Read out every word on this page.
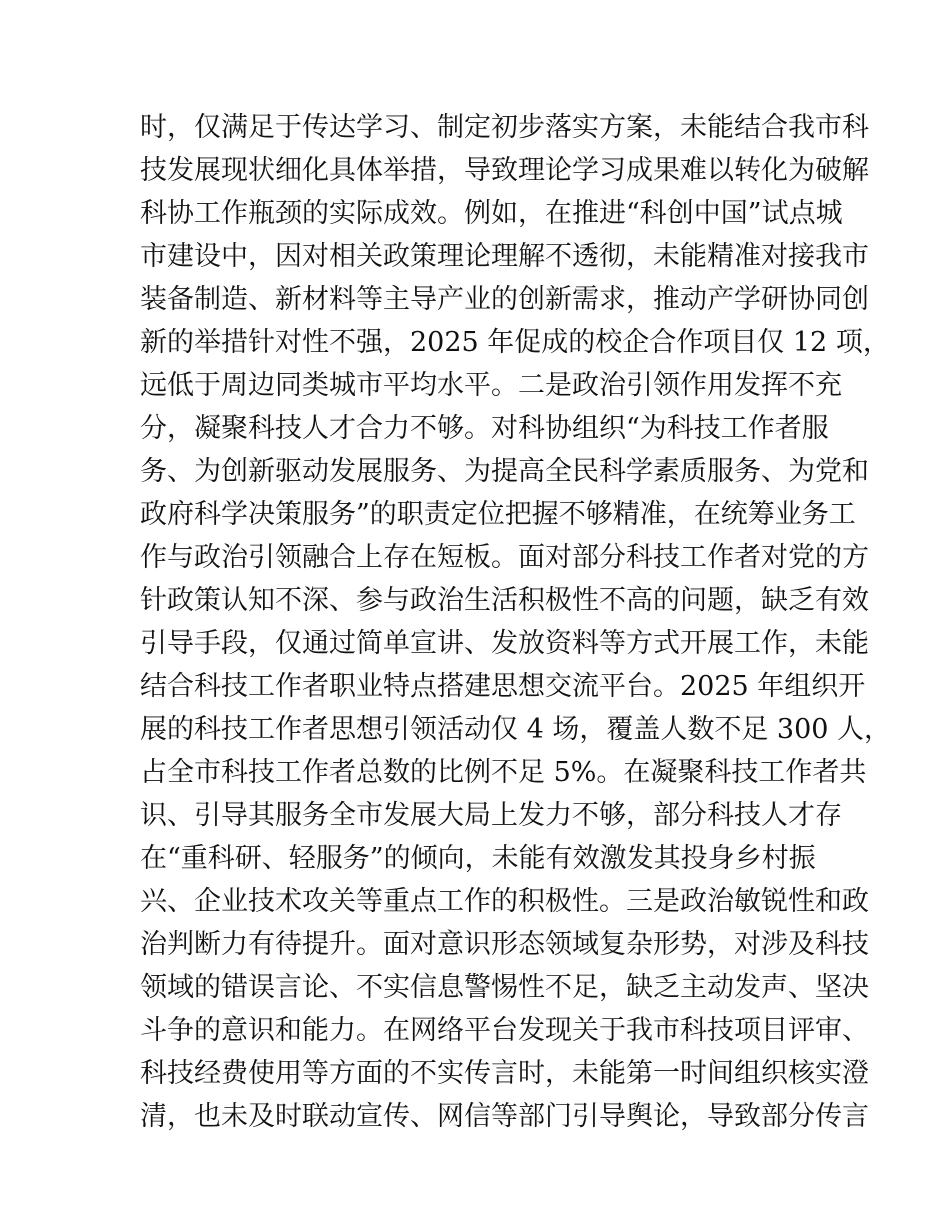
时，仅满足于传达学习、制定初步落实方案，未能结合我市科
技发展现状细化具体举措，导致理论学习成果难以转化为破解
科协工作瓶颈的实际成效。例如，在推进“科创中国”试点城
市建设中，因对相关政策理论理解不透彻，未能精准对接我市
装备制造、新材料等主导产业的创新需求，推动产学研协同创
新的举措针对性不强，2025 年促成的校企合作项目仅 12 项，
远低于周边同类城市平均水平。二是政治引领作用发挥不充
分，凝聚科技人才合力不够。对科协组织“为科技工作者服
务、为创新驱动发展服务、为提高全民科学素质服务、为党和
政府科学决策服务”的职责定位把握不够精准，在统筹业务工
作与政治引领融合上存在短板。面对部分科技工作者对党的方
针政策认知不深、参与政治生活积极性不高的问题，缺乏有效
引导手段，仅通过简单宣讲、发放资料等方式开展工作，未能
结合科技工作者职业特点搭建思想交流平台。2025 年组织开
展的科技工作者思想引领活动仅 4 场，覆盖人数不足 300 人，
占全市科技工作者总数的比例不足 5%。在凝聚科技工作者共
识、引导其服务全市发展大局上发力不够，部分科技人才存
在“重科研、轻服务”的倾向，未能有效激发其投身乡村振
兴、企业技术攻关等重点工作的积极性。三是政治敏锐性和政
治判断力有待提升。面对意识形态领域复杂形势，对涉及科技
领域的错误言论、不实信息警惕性不足，缺乏主动发声、坚决
斗争的意识和能力。在网络平台发现关于我市科技项目评审、
科技经费使用等方面的不实传言时，未能第一时间组织核实澄
清，也未及时联动宣传、网信等部门引导舆论，导致部分传言
